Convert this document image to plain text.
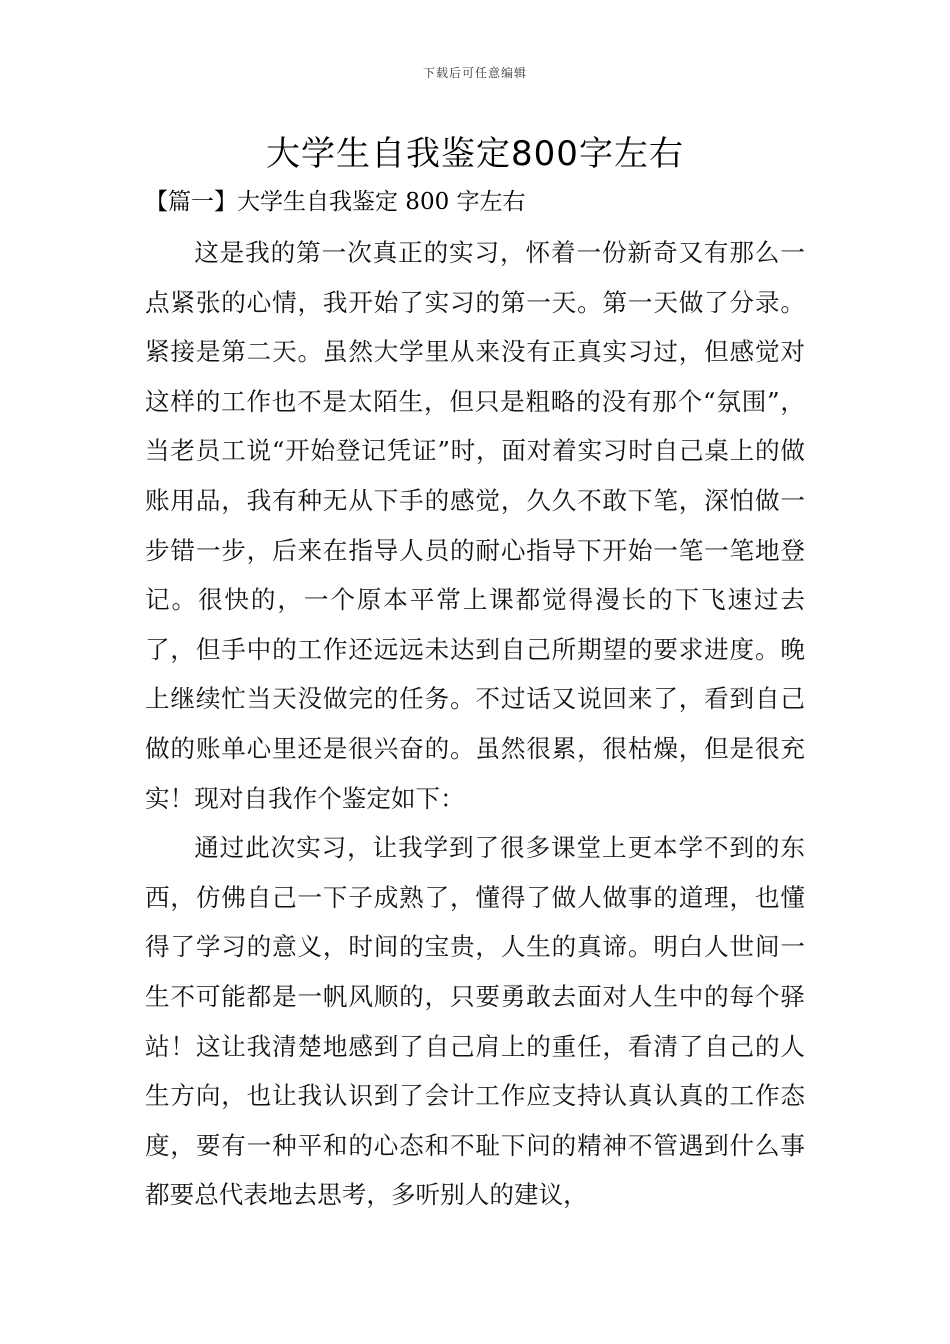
下载后可任意编辑
大学生自我鉴定800字左右
【篇一】大学生自我鉴定 800 字左右

这是我的第一次真正的实习，怀着一份新奇又有那么一点紧张的心情，我开始了实习的第一天。第一天做了分录。紧接是第二天。虽然大学里从来没有正真实习过，但感觉对这样的工作也不是太陌生，但只是粗略的没有那个“氛围”，当老员工说“开始登记凭证”时，面对着实习时自己桌上的做账用品，我有种无从下手的感觉，久久不敢下笔，深怕做一步错一步，后来在指导人员的耐心指导下开始一笔一笔地登记。很快的，一个原本平常上课都觉得漫长的下飞速过去了，但手中的工作还远远未达到自己所期望的要求进度。晚上继续忙当天没做完的任务。不过话又说回来了，看到自己做的账单心里还是很兴奋的。虽然很累，很枯燥，但是很充实！现对自我作个鉴定如下：

通过此次实习，让我学到了很多课堂上更本学不到的东西，仿佛自己一下子成熟了，懂得了做人做事的道理，也懂得了学习的意义，时间的宝贵，人生的真谛。明白人世间一生不可能都是一帆风顺的，只要勇敢去面对人生中的每个驿站！这让我清楚地感到了自己肩上的重任，看清了自己的人生方向，也让我认识到了会计工作应支持认真认真的工作态度，要有一种平和的心态和不耻下问的精神不管遇到什么事都要总代表地去思考，多听别人的建议，
